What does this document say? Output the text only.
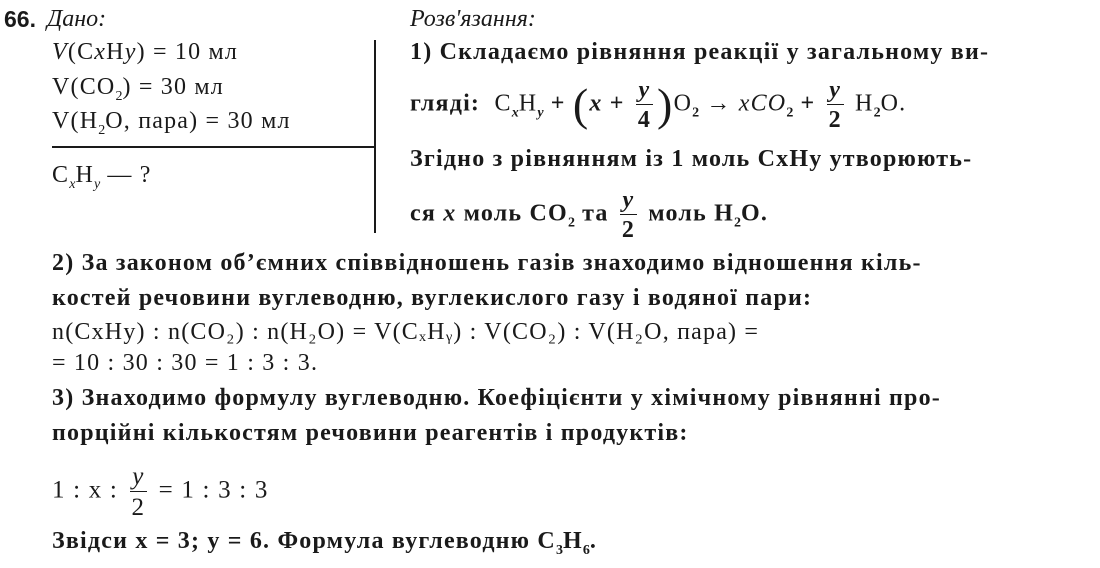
66. Дано:	Розв'язання:
V(CxHy) = 10 мл
$V(CO_2) = 30$ мл
$V(H_2O$, пара) = 30 мл
$C_xH_y$ — ?
1) Складаємо рівняння реакції у загальному ви-
гляді: $C_xH_y + (x + \frac{y}{4} )O_2 \to xCO_2 + \frac{y}{2} H_2O$.
Згідно з рівнянням із 1 моль CxHy утворюють-
ся x моль $CO_2$ та $\frac{y}{2}$ моль $H_2O$.
2) За законом об’ємних співвідношень газів знаходимо відношення кіль-
костей речовини вуглеводню, вуглекислого газу і водяної пари:
n(CxHy) : n(CO₂) : n(H₂O) = V(CₓHᵧ) : V(CO₂) : V(H₂O, пара) =
= 10 : 30 : 30 = 1 : 3 : 3.
3) Знаходимо формулу вуглеводню. Коефіцієнти у хімічному рівнянні про-
порційні кількостям речовини реагентів і продуктів:
1 : x : $\frac{y}{2} = 1$ : 3 : 3
Звідси x = 3; y = 6. Формула вуглеводню $C_3H_6$.
